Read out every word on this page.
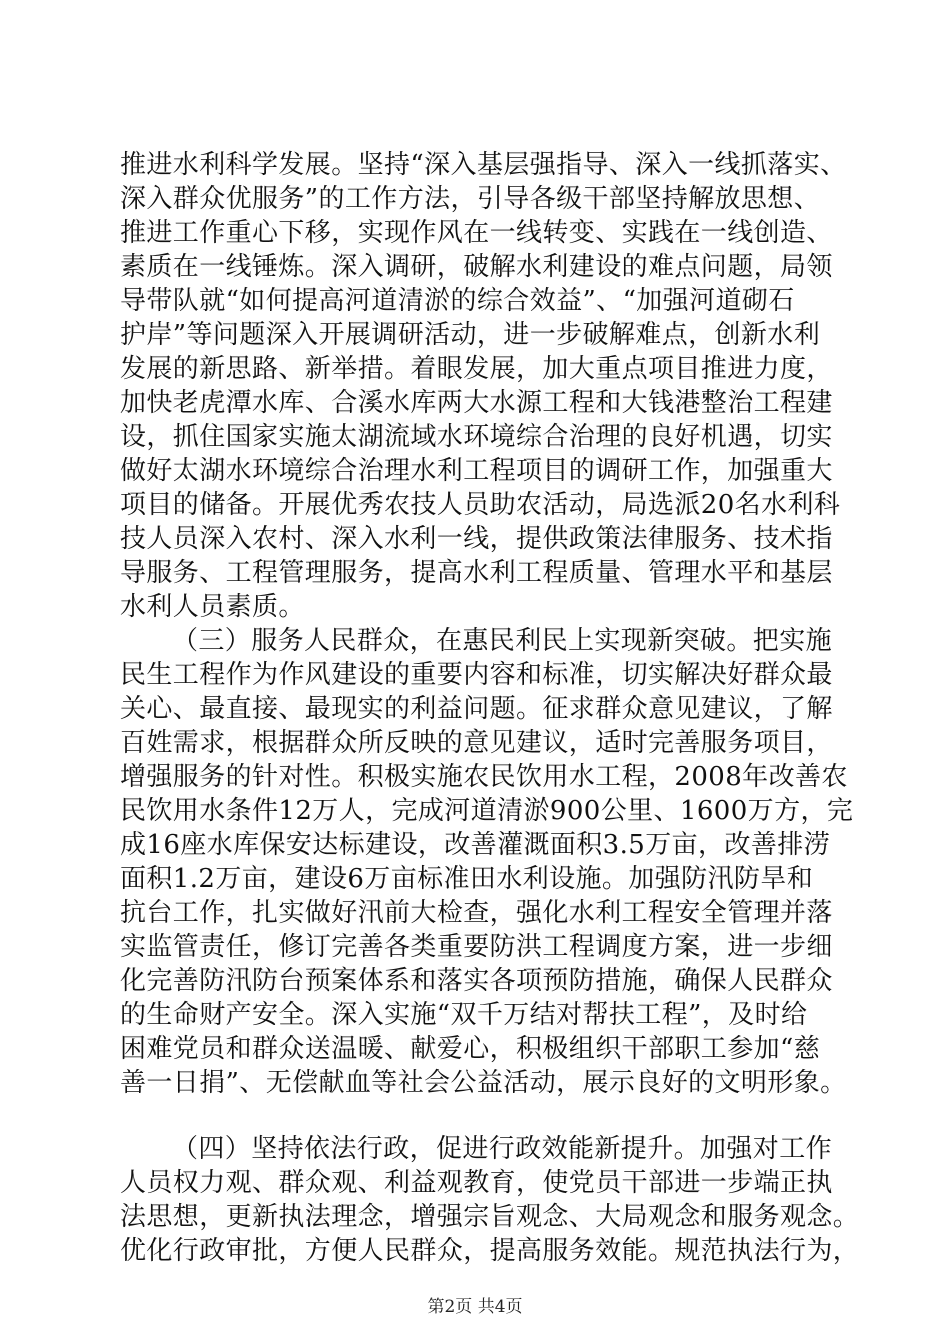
推进水利科学发展。坚持“深入基层强指导、深入一线抓落实、
深入群众优服务”的工作方法，引导各级干部坚持解放思想、
推进工作重心下移，实现作风在一线转变、实践在一线创造、
素质在一线锤炼。深入调研，破解水利建设的难点问题，局领
导带队就“如何提高河道清淤的综合效益”、“加强河道砌石
护岸”等问题深入开展调研活动，进一步破解难点，创新水利
发展的新思路、新举措。着眼发展，加大重点项目推进力度，
加快老虎潭水库、合溪水库两大水源工程和大钱港整治工程建
设，抓住国家实施太湖流域水环境综合治理的良好机遇，切实
做好太湖水环境综合治理水利工程项目的调研工作，加强重大
项目的储备。开展优秀农技人员助农活动，局选派20名水利科
技人员深入农村、深入水利一线，提供政策法律服务、技术指
导服务、工程管理服务，提高水利工程质量、管理水平和基层
水利人员素质。
（三）服务人民群众，在惠民利民上实现新突破。把实施
民生工程作为作风建设的重要内容和标准，切实解决好群众最
关心、最直接、最现实的利益问题。征求群众意见建议，了解
百姓需求，根据群众所反映的意见建议，适时完善服务项目，
增强服务的针对性。积极实施农民饮用水工程，2008年改善农
民饮用水条件12万人，完成河道清淤900公里、1600万方，完
成16座水库保安达标建设，改善灌溉面积3.5万亩，改善排涝
面积1.2万亩，建设6万亩标准田水利设施。加强防汛防旱和
抗台工作，扎实做好汛前大检查，强化水利工程安全管理并落
实监管责任，修订完善各类重要防洪工程调度方案，进一步细
化完善防汛防台预案体系和落实各项预防措施，确保人民群众
的生命财产安全。深入实施“双千万结对帮扶工程”，及时给
困难党员和群众送温暖、献爱心，积极组织干部职工参加“慈
善一日捐”、无偿献血等社会公益活动，展示良好的文明形象。
（四）坚持依法行政，促进行政效能新提升。加强对工作
人员权力观、群众观、利益观教育，使党员干部进一步端正执
法思想，更新执法理念，增强宗旨观念、大局观念和服务观念。
优化行政审批，方便人民群众，提高服务效能。规范执法行为，
第2页 共4页
